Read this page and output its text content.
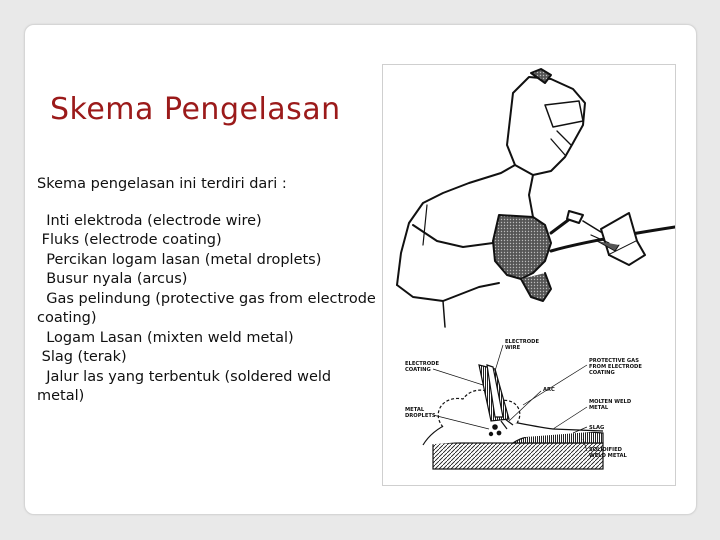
Skema Pengelasan

Skema pengelasan ini terdiri dari :

Inti elektroda (electrode wire)

Fluks (electrode coating)

Percikan logam lasan (metal droplets)

Busur nyala (arcus)

Gas pelindung (protective gas from electrode coating)

Logam Lasan (mixten weld metal)

Slag (terak)

Jalur las yang terbentuk (soldered weld metal)

ELECTRODE WIRE
ELECTRODE COATING
PROTECTIVE GAS FROM ELECTRODE COATING
ARC
MOLTEN WELD METAL
METAL DROPLETS
SLAG
SOLIDIFIED WELD METAL
